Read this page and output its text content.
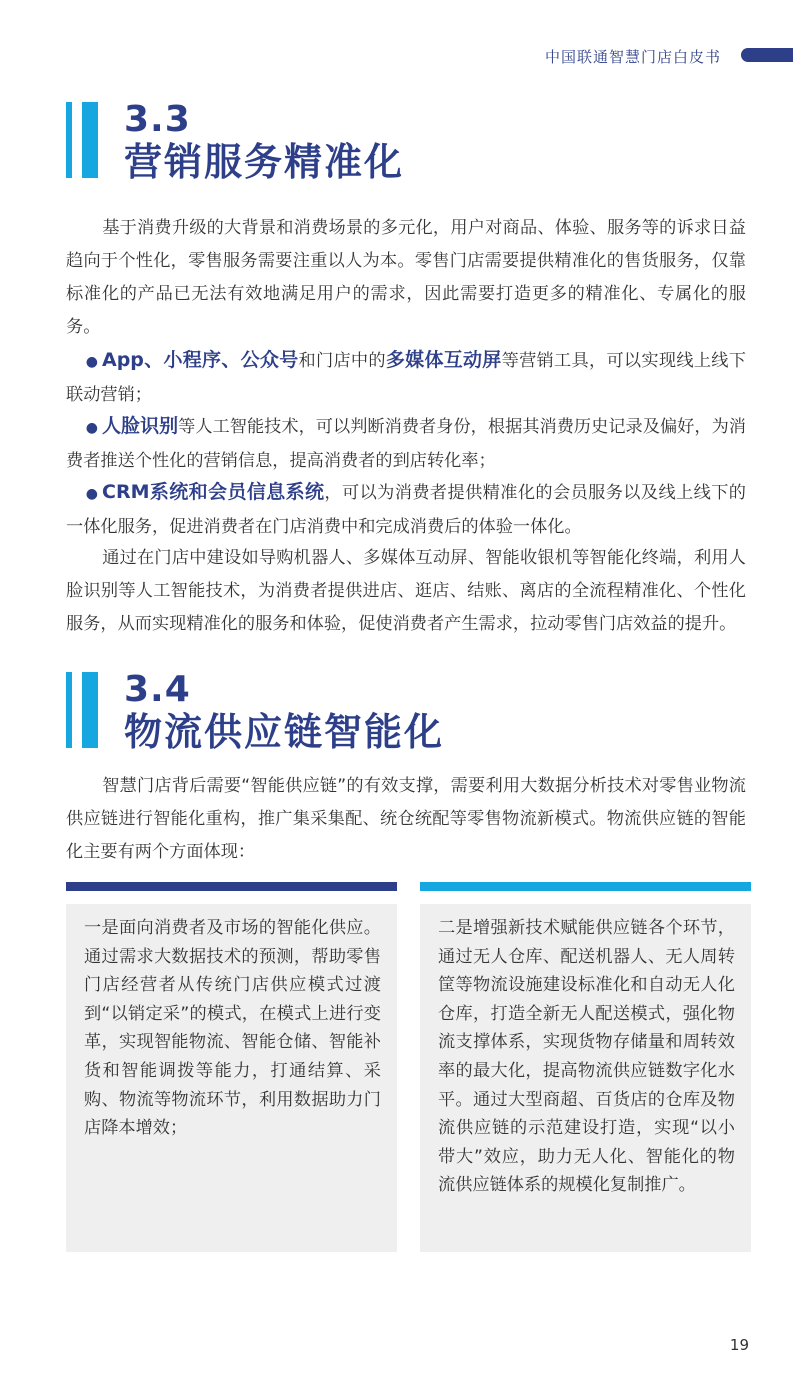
中国联通智慧门店白皮书
3.3
营销服务精准化

基于消费升级的大背景和消费场景的多元化，用户对商品、体验、服务等的诉求日益趋向于个性化，零售服务需要注重以人为本。零售门店需要提供精准化的售货服务，仅靠标准化的产品已无法有效地满足用户的需求，因此需要打造更多的精准化、专属化的服务。

● App、小程序、公众号和门店中的多媒体互动屏等营销工具，可以实现线上线下联动营销；

● 人脸识别等人工智能技术，可以判断消费者身份，根据其消费历史记录及偏好，为消费者推送个性化的营销信息，提高消费者的到店转化率；

● CRM系统和会员信息系统，可以为消费者提供精准化的会员服务以及线上线下的一体化服务，促进消费者在门店消费中和完成消费后的体验一体化。

通过在门店中建设如导购机器人、多媒体互动屏、智能收银机等智能化终端，利用人脸识别等人工智能技术，为消费者提供进店、逛店、结账、离店的全流程精准化、个性化服务，从而实现精准化的服务和体验，促使消费者产生需求，拉动零售门店效益的提升。

3.4
物流供应链智能化

智慧门店背后需要“智能供应链”的有效支撑，需要利用大数据分析技术对零售业物流供应链进行智能化重构，推广集采集配、统仓统配等零售物流新模式。物流供应链的智能化主要有两个方面体现：

一是面向消费者及市场的智能化供应。通过需求大数据技术的预测，帮助零售门店经营者从传统门店供应模式过渡到“以销定采”的模式，在模式上进行变革，实现智能物流、智能仓储、智能补货和智能调拨等能力，打通结算、采购、物流等物流环节，利用数据助力门店降本增效；

二是增强新技术赋能供应链各个环节，通过无人仓库、配送机器人、无人周转筐等物流设施建设标准化和自动无人化仓库，打造全新无人配送模式，强化物流支撑体系，实现货物存储量和周转效率的最大化，提高物流供应链数字化水平。通过大型商超、百货店的仓库及物流供应链的示范建设打造，实现“以小带大”效应，助力无人化、智能化的物流供应链体系的规模化复制推广。

19
